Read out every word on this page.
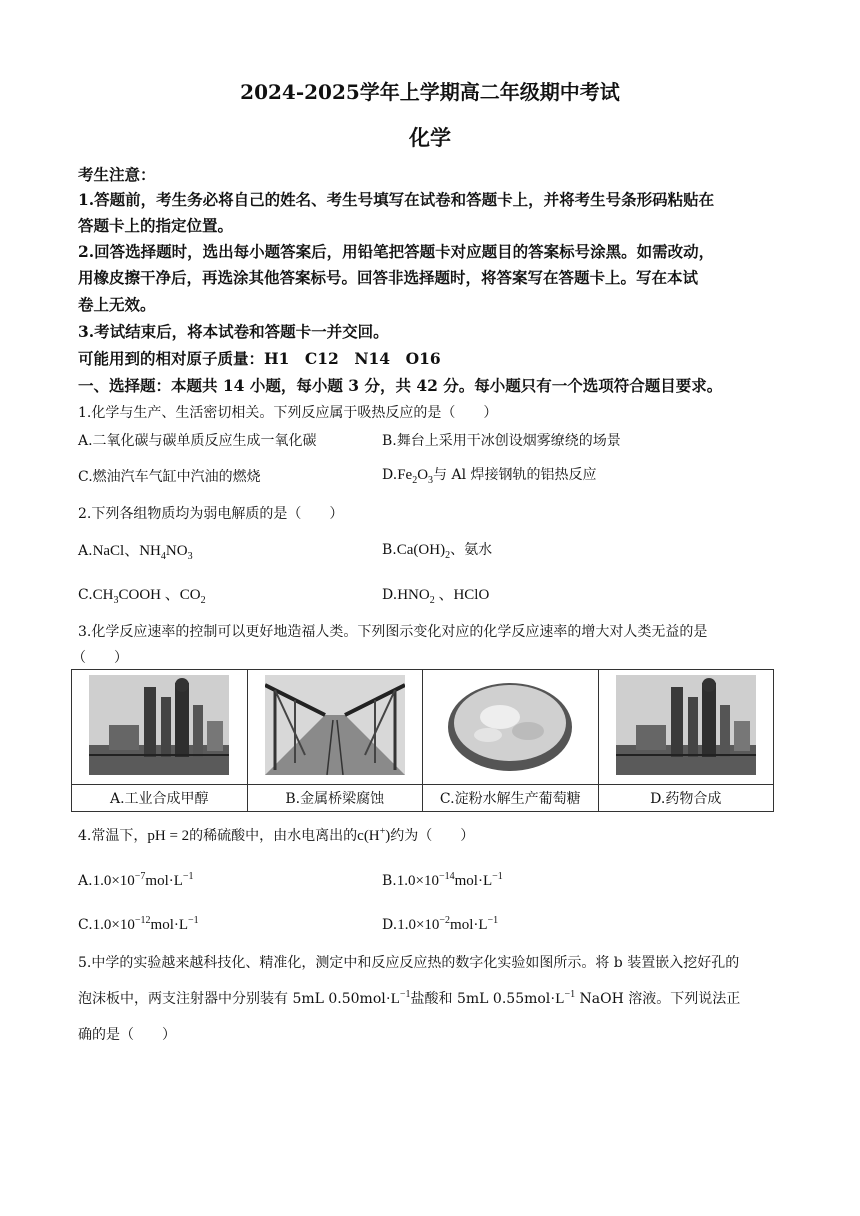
2024-2025学年上学期高二年级期中考试
化学
考生注意：
1.答题前，考生务必将自己的姓名、考生号填写在试卷和答题卡上，并将考生号条形码粘贴在
答题卡上的指定位置。
2.回答选择题时，选出每小题答案后，用铅笔把答题卡对应题目的答案标号涂黑。如需改动，
用橡皮擦干净后，再选涂其他答案标号。回答非选择题时，将答案写在答题卡上。写在本试
卷上无效。
3.考试结束后，将本试卷和答题卡一并交回。
可能用到的相对原子质量：H1　C12　N14　O16
一、选择题：本题共 14 小题，每小题 3 分，共 42 分。每小题只有一个选项符合题目要求。
1.化学与生产、生活密切相关。下列反应属于吸热反应的是（　　）
A.二氧化碳与碳单质反应生成一氧化碳	B.舞台上采用干冰创设烟雾缭绕的场景
C.燃油汽车气缸中汽油的燃烧	$D.Fe_2O_3$与 Al 焊接钢轨的铝热反应
2.下列各组物质均为弱电解质的是（　　）
A.NaCl、$NH_4NO_3$	$B.Ca(OH)_2$、氨水
$C.CH_3COOH$ 、$CO_2$	$D.HNO_2$ 、HClO
3.化学反应速率的控制可以更好地造福人类。下列图示变化对应的化学反应速率的增大对人类无益的是
（　　）

A.工业合成甲醇	B.金属桥梁腐蚀	C.淀粉水解生产葡萄糖	D.药物合成
4.常温下，pH = 2的稀硫酸中，由水电离出的c(H+)约为（　　）
$A.1.0\times 10^{-7}mol\cdot L^{-1}$	$B.1.0\times 10^{-14}mol\cdot L^{-1}$
$C.1.0\times 10^{-12}mol\cdot L^{-1}$	$D.1.0\times 10^{-2}mol\cdot L^{-1}$
5.中学的实验越来越科技化、精准化，测定中和反应反应热的数字化实验如图所示。将 b 装置嵌入挖好孔的
泡沫板中，两支注射器中分别装有 5mL $0.50mol\cdot L^{-1}$盐酸和 5mL $0.55mol\cdot L^{-1}$ NaOH 溶液。下列说法正
确的是（　　）
